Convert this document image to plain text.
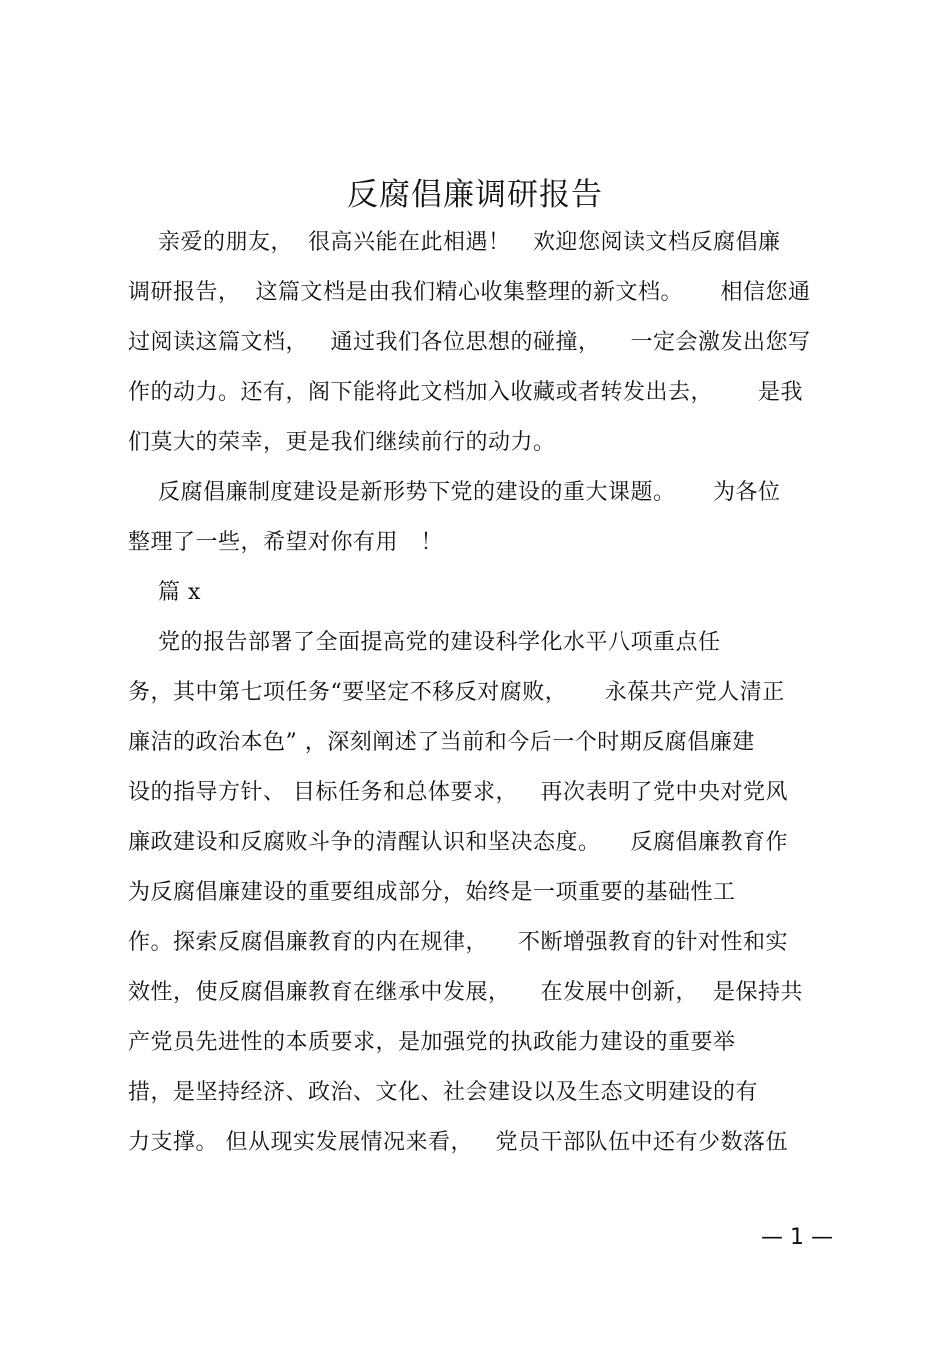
反腐倡廉调研报告
亲爱的朋友，  很高兴能在此相遇！   欢迎您阅读文档反腐倡廉
调研报告，  这篇文档是由我们精心收集整理的新文档。     相信您通
过阅读这篇文档，   通过我们各位思想的碰撞，    一定会激发出您写
作的动力。还有，阁下能将此文档加入收藏或者转发出去，      是我
们莫大的荣幸，更是我们继续前行的动力。
反腐倡廉制度建设是新形势下党的建设的重大课题。     为各位
整理了一些，希望对你有用   ！
篇 x
党的报告部署了全面提高党的建设科学化水平八项重点任
务，其中第七项任务“要坚定不移反对腐败，     永葆共产党人清正
廉洁的政治本色” ，深刻阐述了当前和今后一个时期反腐倡廉建
设的指导方针、 目标任务和总体要求，   再次表明了党中央对党风
廉政建设和反腐败斗争的清醒认识和坚决态度。    反腐倡廉教育作
为反腐倡廉建设的重要组成部分，始终是一项重要的基础性工
作。探索反腐倡廉教育的内在规律，    不断增强教育的针对性和实
效性，使反腐倡廉教育在继承中发展，    在发展中创新，  是保持共
产党员先进性的本质要求，是加强党的执政能力建设的重要举
措，是坚持经济、政治、文化、社会建设以及生态文明建设的有
力支撑。 但从现实发展情况来看，   党员干部队伍中还有少数落伍
— 1 —
